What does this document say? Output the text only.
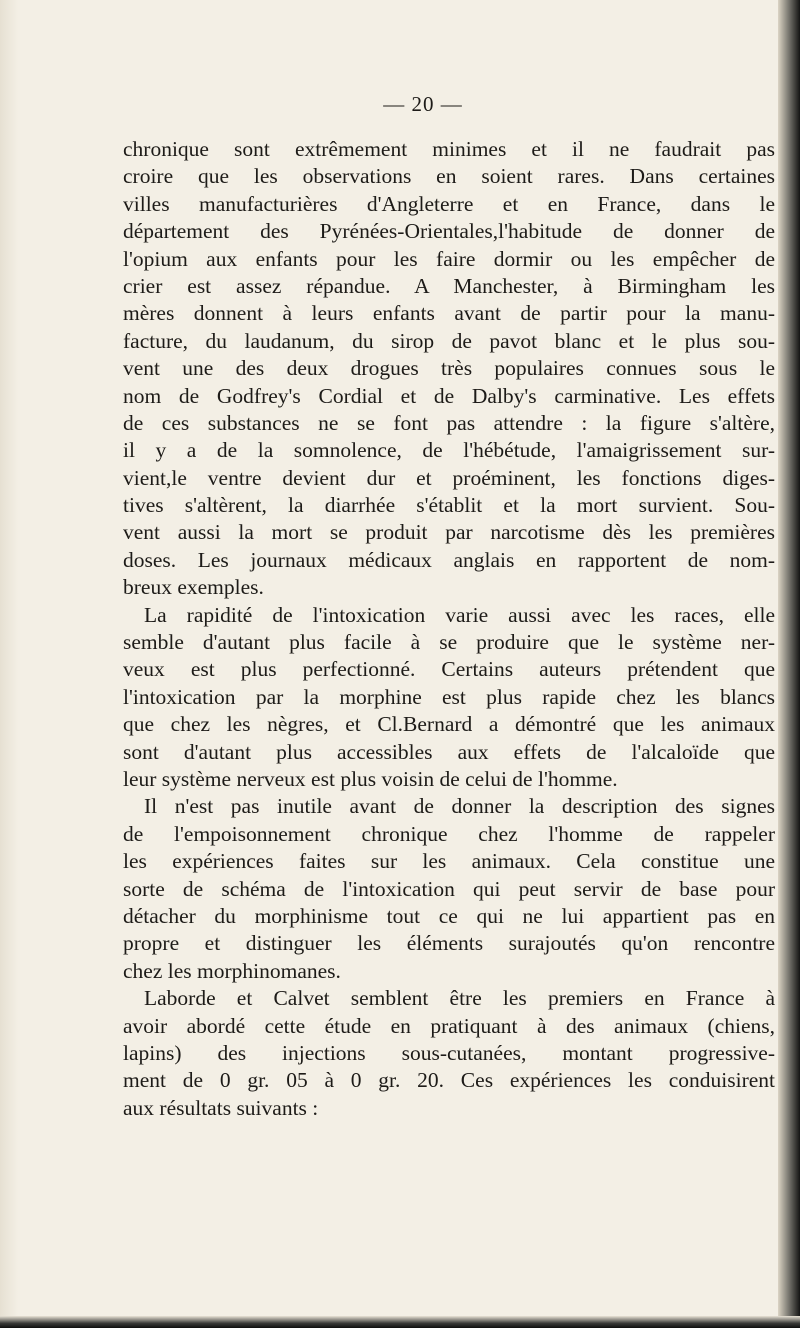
— 20 —
chronique sont extrêmement minimes et il ne faudrait pas
croire que les observations en soient rares. Dans certaines
villes manufacturières d'Angleterre et en France, dans le
département des Pyrénées-Orientales,l'habitude de donner de
l'opium aux enfants pour les faire dormir ou les empêcher de
crier est assez répandue. A Manchester, à Birmingham les
mères donnent à leurs enfants avant de partir pour la manu-
facture, du laudanum, du sirop de pavot blanc et le plus sou-
vent une des deux drogues très populaires connues sous le
nom de Godfrey's Cordial et de Dalby's carminative. Les effets
de ces substances ne se font pas attendre : la figure s'altère,
il y a de la somnolence, de l'hébétude, l'amaigrissement sur-
vient,le ventre devient dur et proéminent, les fonctions diges-
tives s'altèrent, la diarrhée s'établit et la mort survient. Sou-
vent aussi la mort se produit par narcotisme dès les premières
doses. Les journaux médicaux anglais en rapportent de nom-
breux exemples.
La rapidité de l'intoxication varie aussi avec les races, elle
semble d'autant plus facile à se produire que le système ner-
veux est plus perfectionné. Certains auteurs prétendent que
l'intoxication par la morphine est plus rapide chez les blancs
que chez les nègres, et Cl.Bernard a démontré que les animaux
sont d'autant plus accessibles aux effets de l'alcaloïde que
leur système nerveux est plus voisin de celui de l'homme.
Il n'est pas inutile avant de donner la description des signes
de l'empoisonnement chronique chez l'homme de rappeler
les expériences faites sur les animaux. Cela constitue une
sorte de schéma de l'intoxication qui peut servir de base pour
détacher du morphinisme tout ce qui ne lui appartient pas en
propre et distinguer les éléments surajoutés qu'on rencontre
chez les morphinomanes.
Laborde et Calvet semblent être les premiers en France à
avoir abordé cette étude en pratiquant à des animaux (chiens,
lapins) des injections sous-cutanées, montant progressive-
ment de 0 gr. 05 à 0 gr. 20. Ces expériences les conduisirent
aux résultats suivants :
